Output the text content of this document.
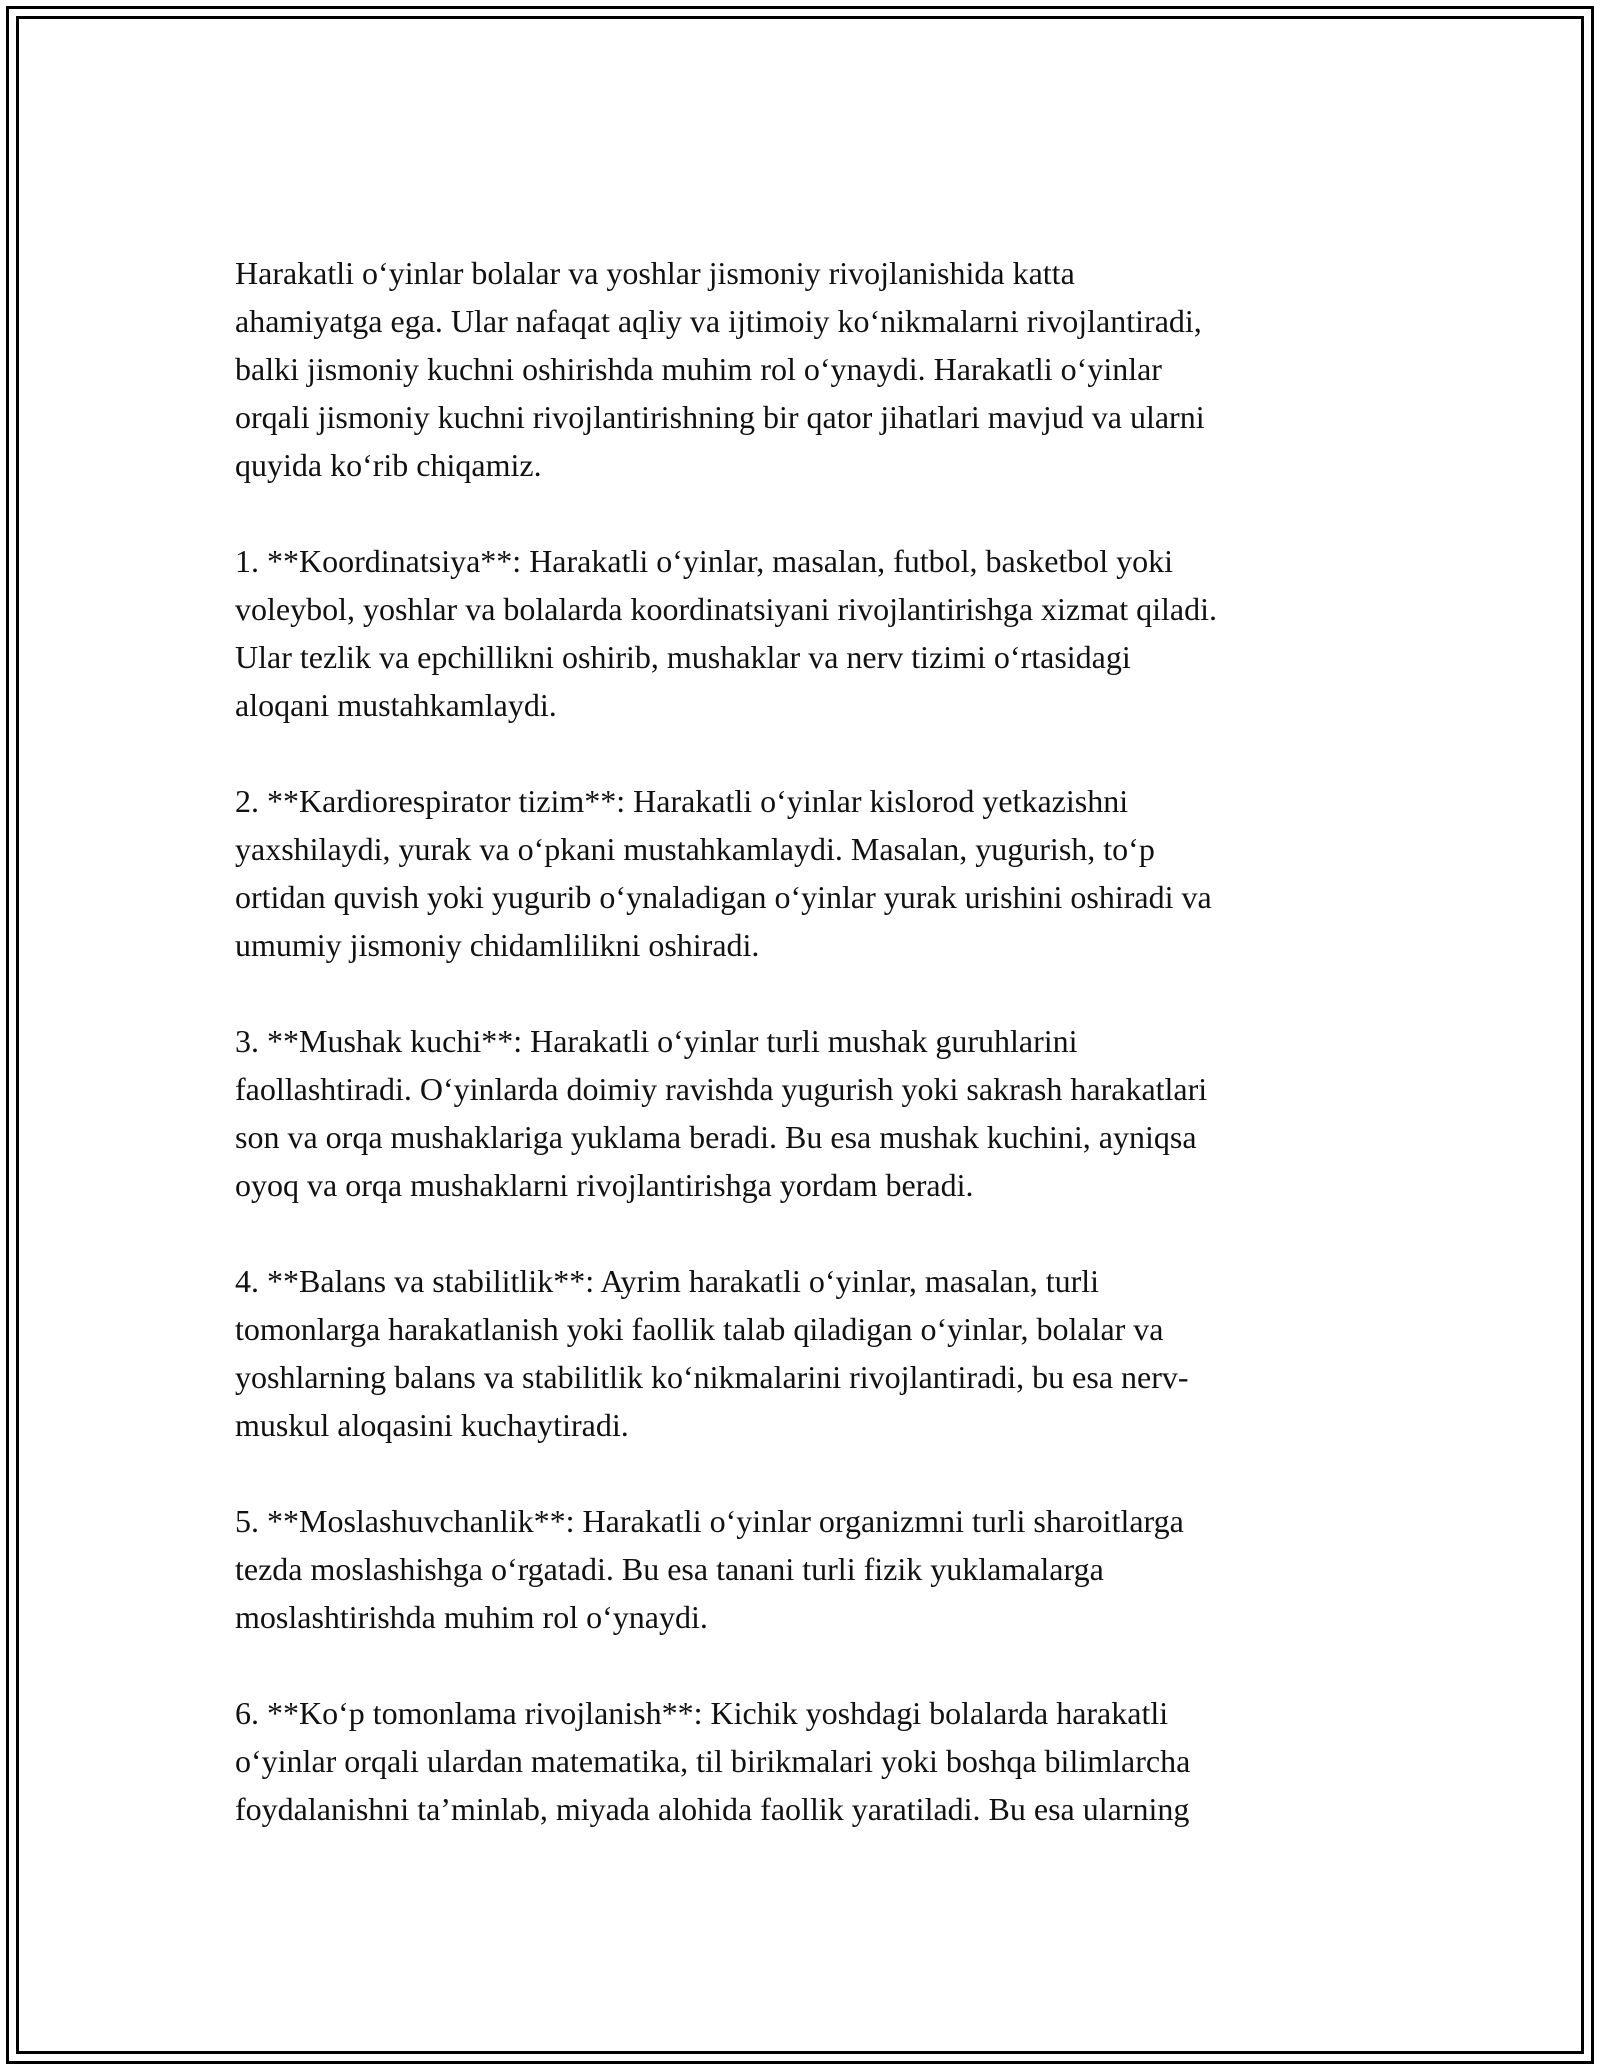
Harakatli o‘yinlar bolalar va yoshlar jismoniy rivojlanishida katta
ahamiyatga ega. Ular nafaqat aqliy va ijtimoiy ko‘nikmalarni rivojlantiradi,
balki jismoniy kuchni oshirishda muhim rol o‘ynaydi. Harakatli o‘yinlar
orqali jismoniy kuchni rivojlantirishning bir qator jihatlari mavjud va ularni
quyida ko‘rib chiqamiz.

1. **Koordinatsiya**: Harakatli o‘yinlar, masalan, futbol, basketbol yoki
voleybol, yoshlar va bolalarda koordinatsiyani rivojlantirishga xizmat qiladi.
Ular tezlik va epchillikni oshirib, mushaklar va nerv tizimi o‘rtasidagi
aloqani mustahkamlaydi.

2. **Kardiorespirator tizim**: Harakatli o‘yinlar kislorod yetkazishni
yaxshilaydi, yurak va o‘pkani mustahkamlaydi. Masalan, yugurish, to‘p
ortidan quvish yoki yugurib o‘ynaladigan o‘yinlar yurak urishini oshiradi va
umumiy jismoniy chidamlilikni oshiradi.

3. **Mushak kuchi**: Harakatli o‘yinlar turli mushak guruhlarini
faollashtiradi. O‘yinlarda doimiy ravishda yugurish yoki sakrash harakatlari
son va orqa mushaklariga yuklama beradi. Bu esa mushak kuchini, ayniqsa
oyoq va orqa mushaklarni rivojlantirishga yordam beradi.

4. **Balans va stabilitlik**: Ayrim harakatli o‘yinlar, masalan, turli
tomonlarga harakatlanish yoki faollik talab qiladigan o‘yinlar, bolalar va
yoshlarning balans va stabilitlik ko‘nikmalarini rivojlantiradi, bu esa nerv-
muskul aloqasini kuchaytiradi.

5. **Moslashuvchanlik**: Harakatli o‘yinlar organizmni turli sharoitlarga
tezda moslashishga o‘rgatadi. Bu esa tanani turli fizik yuklamalarga
moslashtirishda muhim rol o‘ynaydi.

6. **Ko‘p tomonlama rivojlanish**: Kichik yoshdagi bolalarda harakatli
o‘yinlar orqali ulardan matematika, til birikmalari yoki boshqa bilimlarcha
foydalanishni ta’minlab, miyada alohida faollik yaratiladi. Bu esa ularning
